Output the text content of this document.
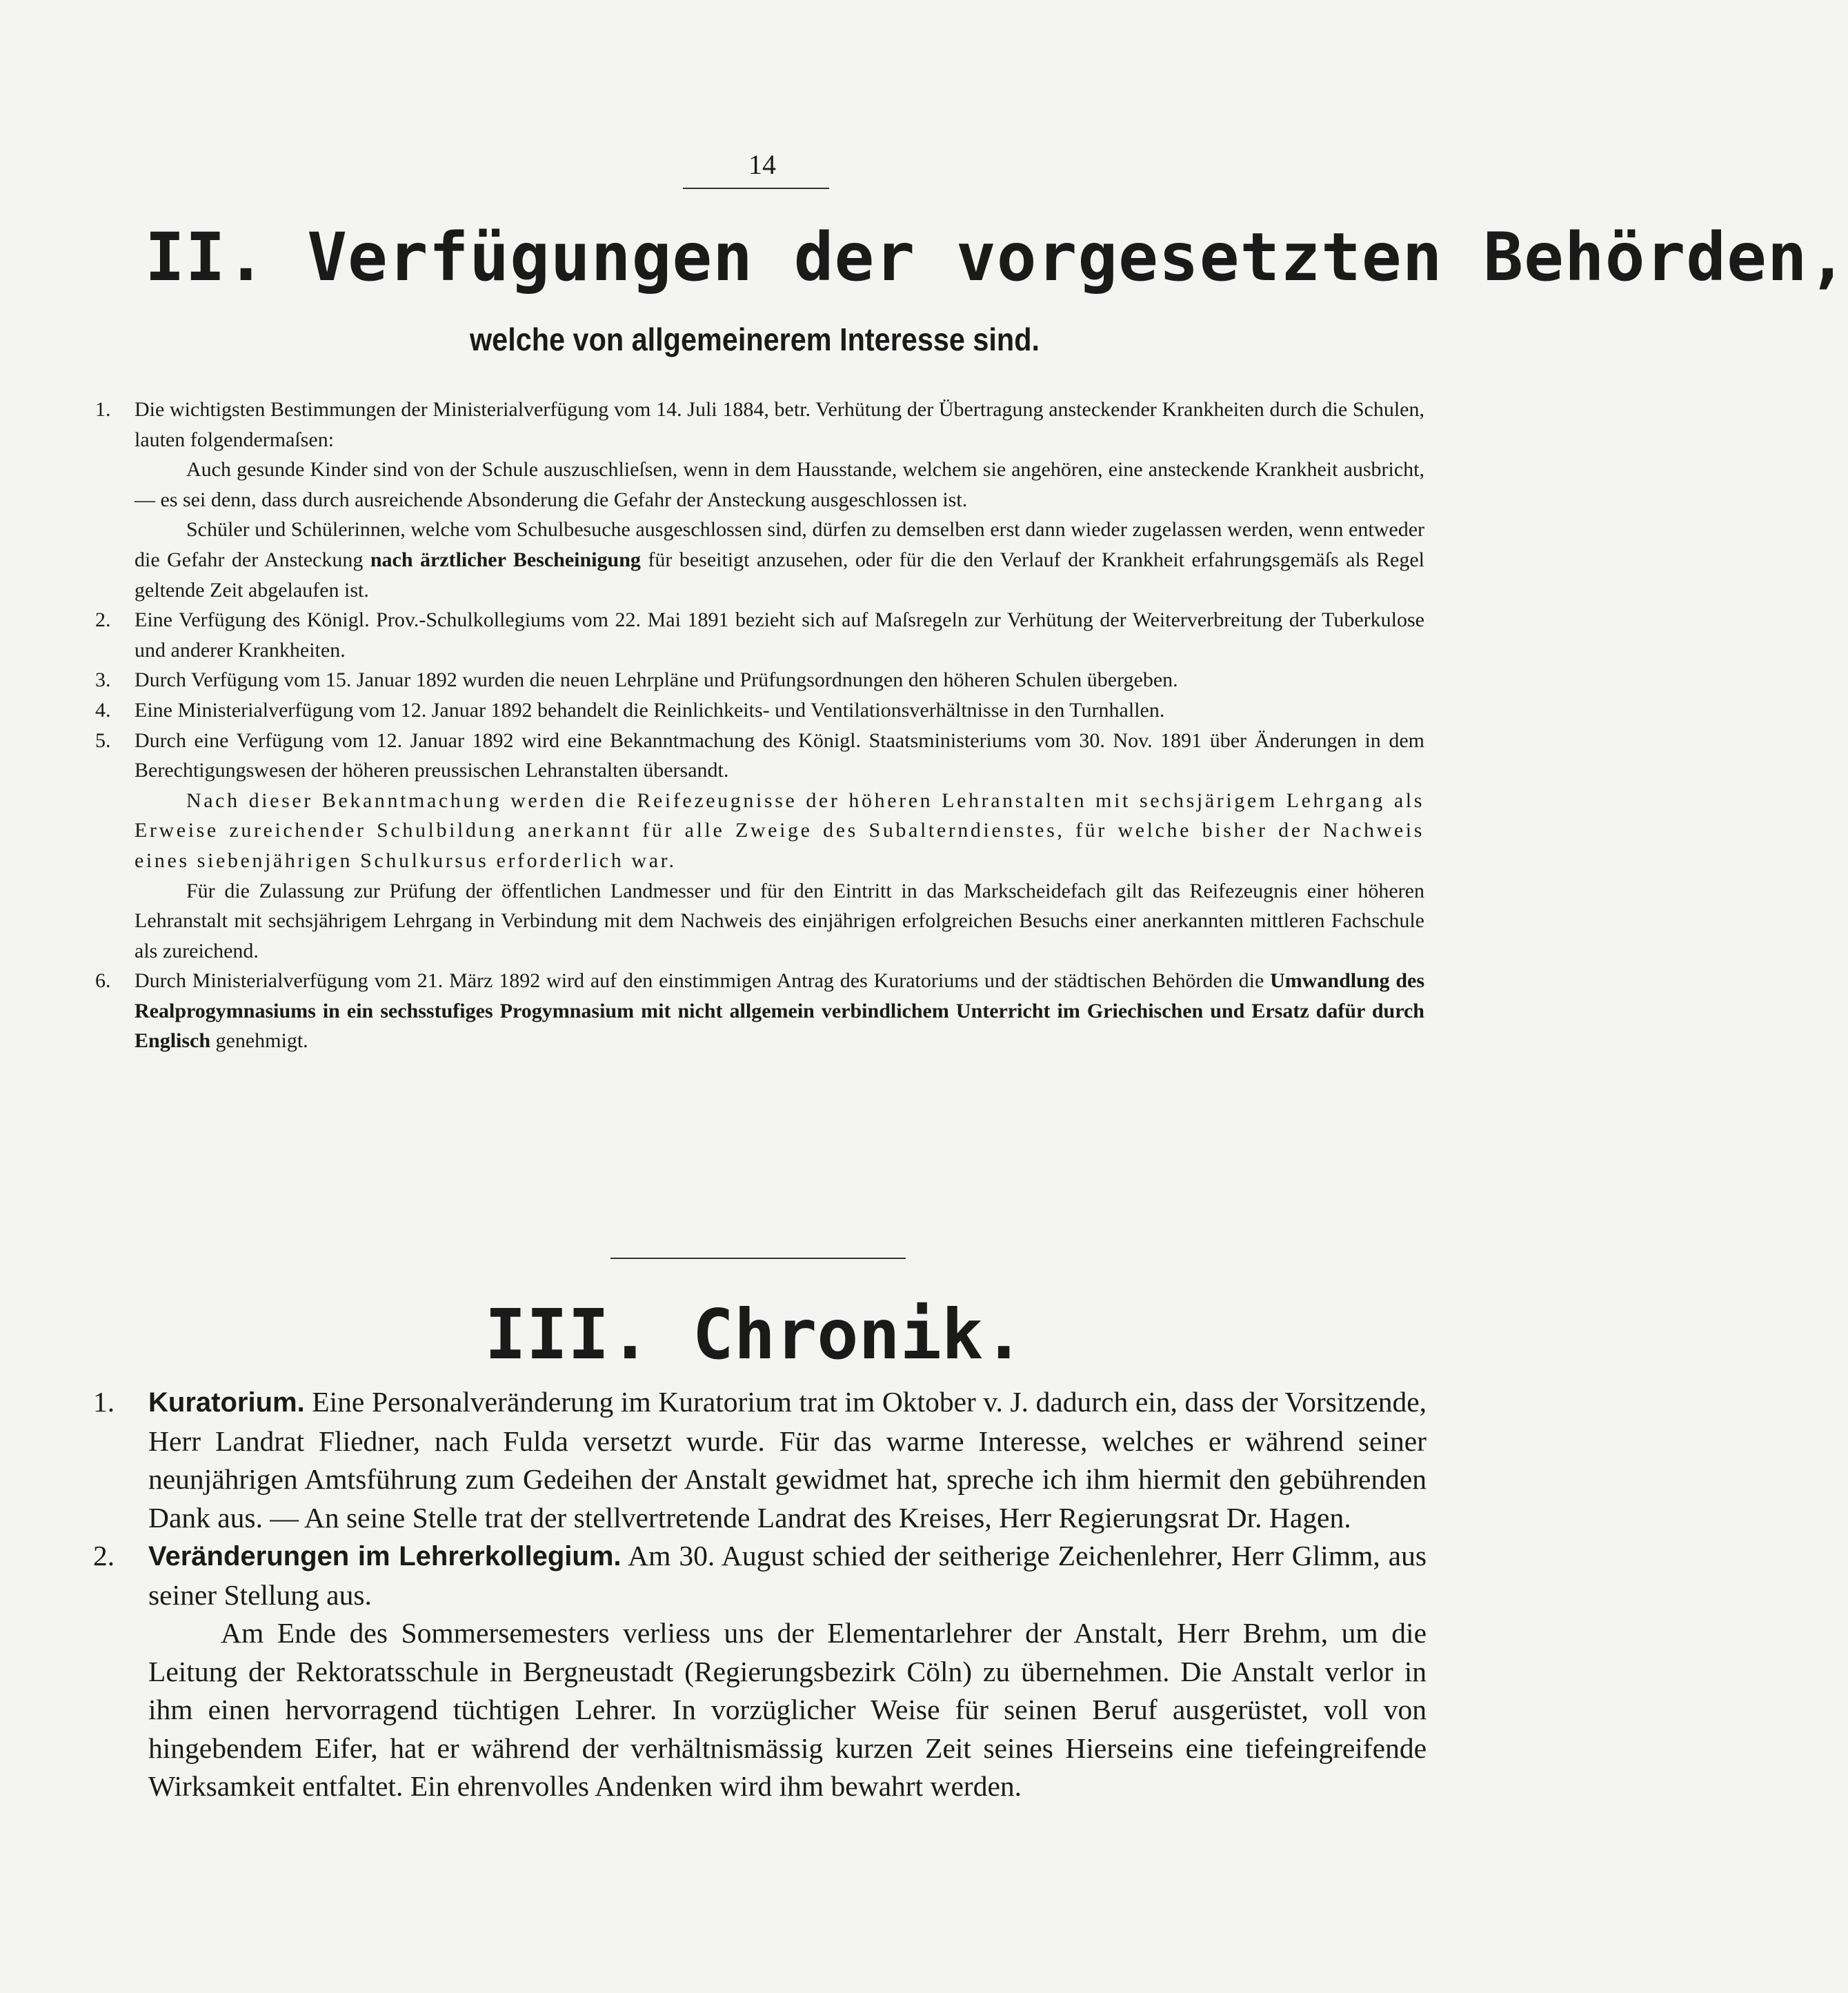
14
II. Verfügungen der vorgesetzten Behörden,
welche von allgemeinerem Interesse sind.
1. Die wichtigsten Bestimmungen der Ministerialverfügung vom 14. Juli 1884, betr. Verhütung der Übertragung ansteckender Krankheiten durch die Schulen, lauten folgendermaſsen:
Auch gesunde Kinder sind von der Schule auszuschlieſsen, wenn in dem Hausstande, welchem sie angehören, eine ansteckende Krankheit ausbricht, — es sei denn, dass durch ausreichende Absonderung die Gefahr der Ansteckung ausgeschlossen ist.
Schüler und Schülerinnen, welche vom Schulbesuche ausgeschlossen sind, dürfen zu demselben erst dann wieder zugelassen werden, wenn entweder die Gefahr der Ansteckung nach ärztlicher Bescheinigung für beseitigt anzusehen, oder für die den Verlauf der Krankheit erfahrungsgemäſs als Regel geltende Zeit abgelaufen ist.
2. Eine Verfügung des Königl. Prov.-Schulkollegiums vom 22. Mai 1891 bezieht sich auf Maſsregeln zur Verhütung der Weiterverbreitung der Tuberkulose und anderer Krankheiten.
3. Durch Verfügung vom 15. Januar 1892 wurden die neuen Lehrpläne und Prüfungsordnungen den höheren Schulen übergeben.
4. Eine Ministerialverfügung vom 12. Januar 1892 behandelt die Reinlichkeits- und Ventilationsverhältnisse in den Turnhallen.
5. Durch eine Verfügung vom 12. Januar 1892 wird eine Bekanntmachung des Königl. Staatsministeriums vom 30. Nov. 1891 über Änderungen in dem Berechtigungswesen der höheren preussischen Lehranstalten übersandt.
Nach dieser Bekanntmachung werden die Reifezeugnisse der höheren Lehranstalten mit sechsjärigem Lehrgang als Erweise zureichender Schulbildung anerkannt für alle Zweige des Subalterndienstes, für welche bisher der Nachweis eines siebenjährigen Schulkursus erforderlich war.
Für die Zulassung zur Prüfung der öffentlichen Landmesser und für den Eintritt in das Markscheidefach gilt das Reifezeugnis einer höheren Lehranstalt mit sechsjährigem Lehrgang in Verbindung mit dem Nachweis des einjährigen erfolgreichen Besuchs einer anerkannten mittleren Fachschule als zureichend.
6. Durch Ministerialverfügung vom 21. März 1892 wird auf den einstimmigen Antrag des Kuratoriums und der städtischen Behörden die Umwandlung des Realprogymnasiums in ein sechsstufiges Progymnasium mit nicht allgemein verbindlichem Unterricht im Griechischen und Ersatz dafür durch Englisch genehmigt.
III. Chronik.
1. Kuratorium. Eine Personalveränderung im Kuratorium trat im Oktober v. J. dadurch ein, dass der Vorsitzende, Herr Landrat Fliedner, nach Fulda versetzt wurde. Für das warme Interesse, welches er während seiner neunjährigen Amtsführung zum Gedeihen der Anstalt gewidmet hat, spreche ich ihm hiermit den gebührenden Dank aus. — An seine Stelle trat der stellvertretende Landrat des Kreises, Herr Regierungsrat Dr. Hagen.
2. Veränderungen im Lehrerkollegium. Am 30. August schied der seitherige Zeichenlehrer, Herr Glimm, aus seiner Stellung aus.
Am Ende des Sommersemesters verliess uns der Elementarlehrer der Anstalt, Herr Brehm, um die Leitung der Rektoratsschule in Bergneustadt (Regierungsbezirk Cöln) zu übernehmen. Die Anstalt verlor in ihm einen hervorragend tüchtigen Lehrer. In vorzüglicher Weise für seinen Beruf ausgerüstet, voll von hingebendem Eifer, hat er während der verhältnismässig kurzen Zeit seines Hierseins eine tiefeingreifende Wirksamkeit entfaltet. Ein ehrenvolles Andenken wird ihm bewahrt werden.
